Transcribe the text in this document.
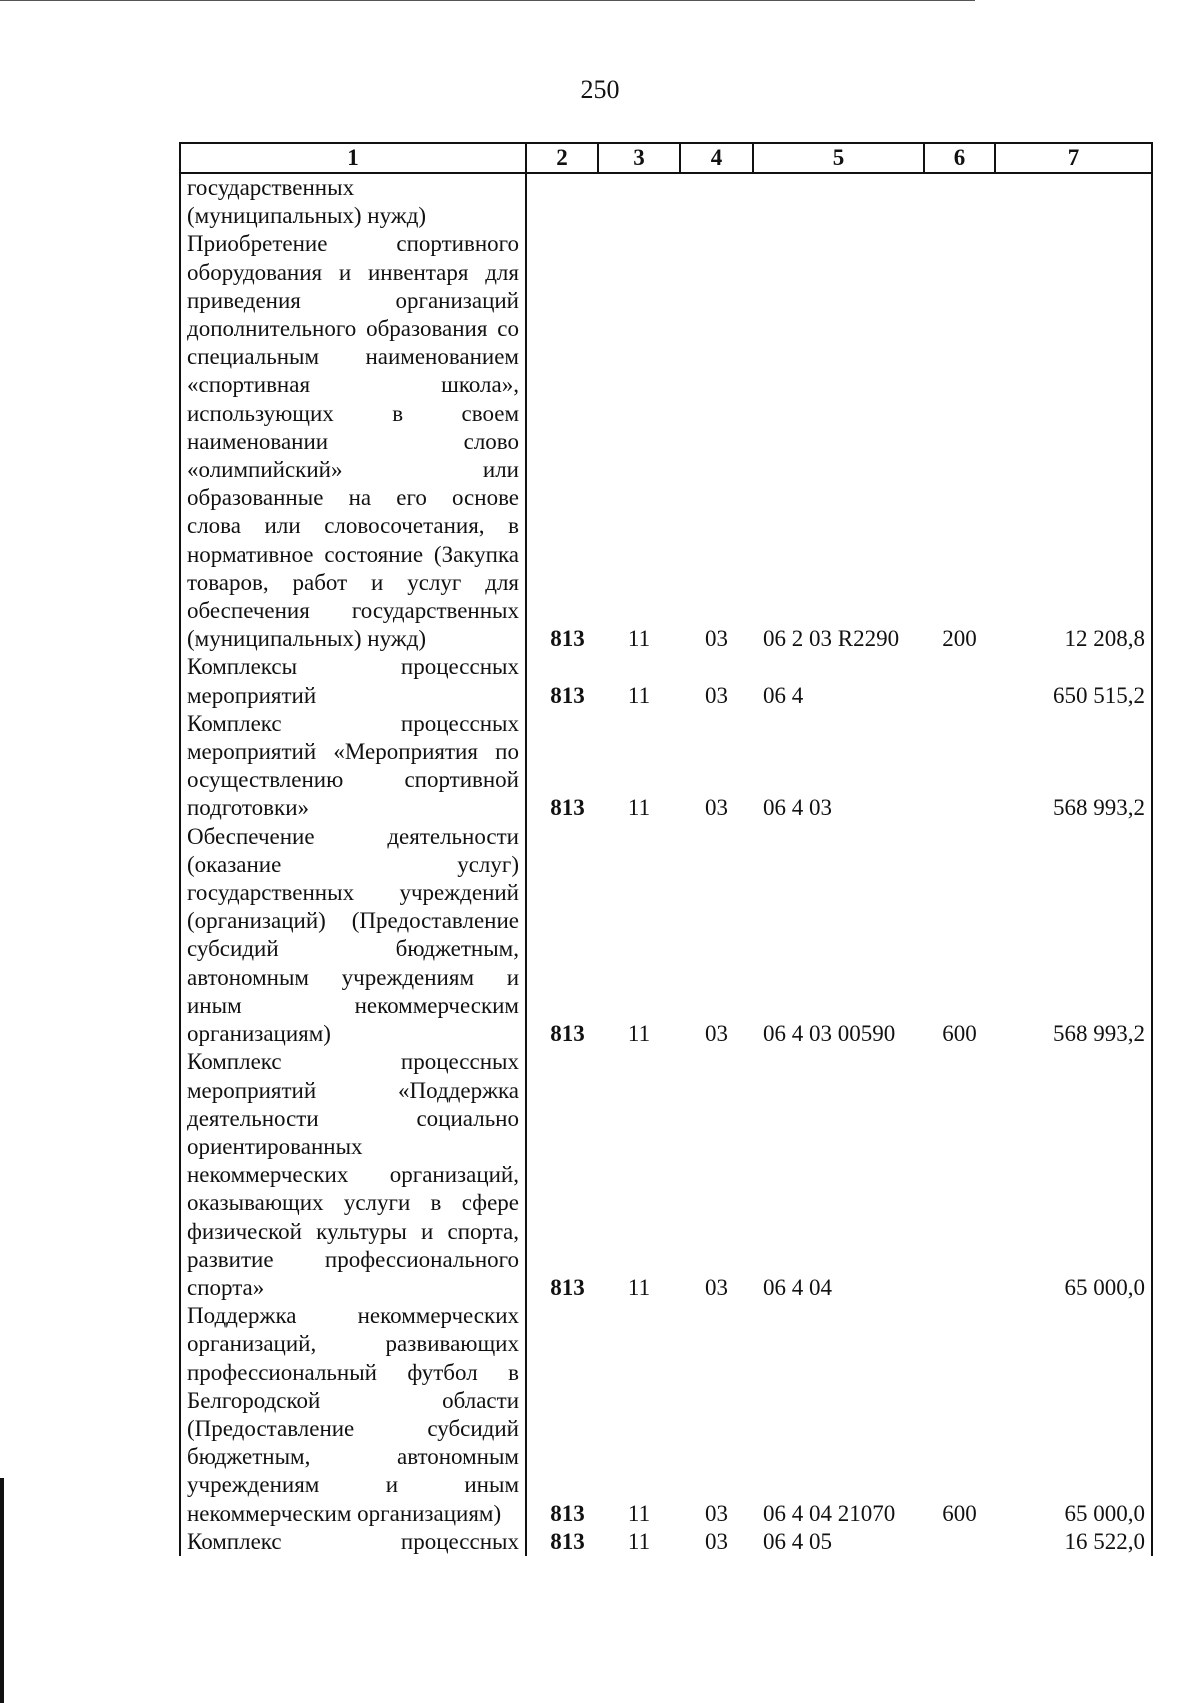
250
1	2	3	4	5	6	7

государственных (муниципальных) нужд)
Приобретение спортивного оборудования и инвентаря для приведения организаций дополнительного образования со специальным наименованием «спортивная школа», использующих в своем наименовании слово «олимпийский» или образованные на его основе слова или словосочетания, в нормативное состояние (Закупка товаров, работ и услуг для обеспечения государственных (муниципальных) нужд)	813	11	03	06 2 03 R2290	200	12 208,8
Комплексы процессных мероприятий	813	11	03	06 4		650 515,2
Комплекс процессных мероприятий «Мероприятия по осуществлению спортивной подготовки»	813	11	03	06 4 03		568 993,2
Обеспечение деятельности (оказание услуг) государственных учреждений (организаций) (Предоставление субсидий бюджетным, автономным учреждениям и иным некоммерческим организациям)	813	11	03	06 4 03 00590	600	568 993,2
Комплекс процессных мероприятий «Поддержка деятельности социально ориентированных некоммерческих организаций, оказывающих услуги в сфере физической культуры и спорта, развитие профессионального спорта»	813	11	03	06 4 04		65 000,0
Поддержка некоммерческих организаций, развивающих профессиональный футбол в Белгородской области (Предоставление субсидий бюджетным, автономным учреждениям и иным некоммерческим организациям)	813	11	03	06 4 04 21070	600	65 000,0
Комплекс процессных	813	11	03	06 4 05		16 522,0
